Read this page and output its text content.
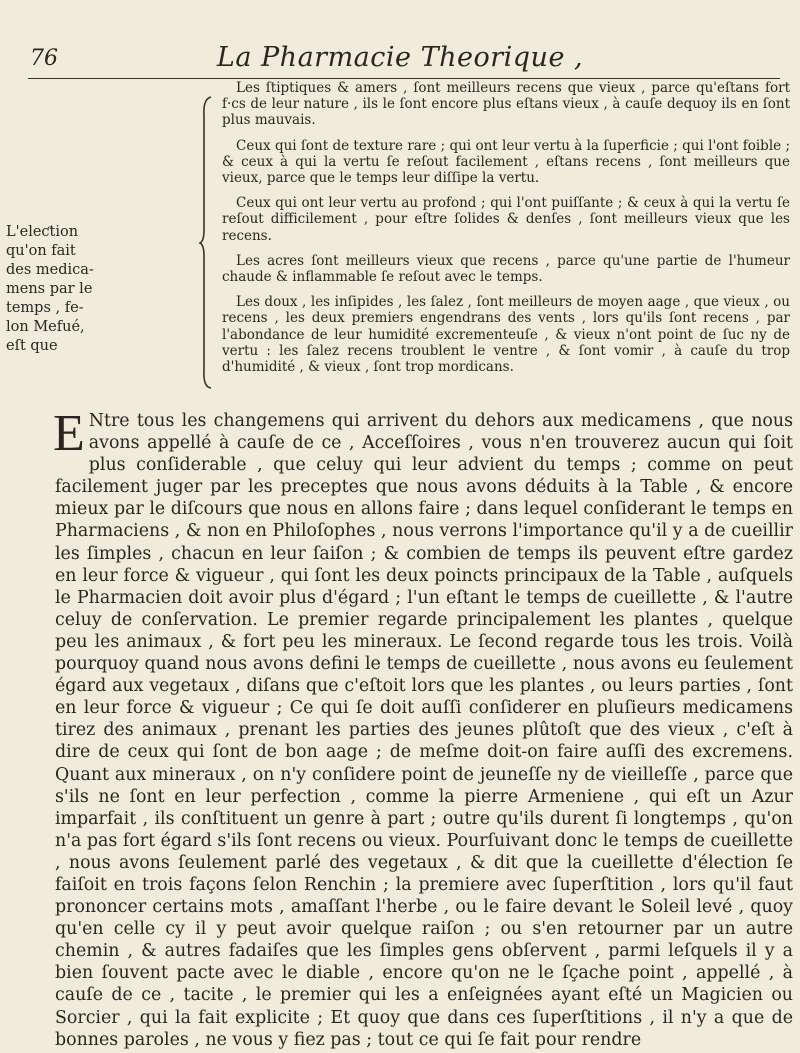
76	La Pharmacie Theorique ,
L'eleƈtion
qu'on fait
des medica-
mens par le
temps , fe-
lon Mefué,
eſt que

Les ſtiptiques & amers , ſont meilleurs recens que vieux , parce qu'eſtans fort f·cs de leur nature , ils le ſont encore plus eſtans vieux , à cauſe dequoy ils en ſont plus mauvais.

Ceux qui ſont de texture rare ; qui ont leur vertu à la ſuperficie ; qui l'ont foible ; & ceux à qui la vertu ſe reſout facilement , eſtans recens , ſont meilleurs que vieux, parce que le temps leur diſſipe la vertu.

Ceux qui ont leur vertu au profond ; qui l'ont puiſſante ; & ceux à qui la vertu ſe reſout difficilement , pour eſtre ſolides & denſes , ſont meilleurs vieux que les recens.

Les acres ſont meilleurs vieux que recens , parce qu'une partie de l'humeur chaude & inflammable ſe reſout avec le temps.

Les doux , les inſipides , les ſalez , ſont meilleurs de moyen aage , que vieux , ou recens , les deux premiers engendrans des vents , lors qu'ils ſont recens , par l'abondance de leur humidité excrementeuſe , & vieux n'ont point de ſuc ny de vertu : les ſalez recens troublent le ventre , & ſont vomir , à cauſe du trop d'humidité , & vieux , ſont trop mordicans.

E Ntre tous les changemens qui arrivent du dehors aux medicamens , que nous avons appellé à cauſe de ce , Acceſſoires , vous n'en trouverez aucun qui ſoit plus conſiderable , que celuy qui leur advient du temps ; comme on peut facilement juger par les preceptes que nous avons déduits à la Table , & encore mieux par le diſcours que nous en allons faire ; dans lequel conſiderant le temps en Pharmaciens , & non en Philoſophes , nous verrons l'importance qu'il y a de cueillir les ſimples , chacun en leur ſaiſon ; & combien de temps ils peuvent eſtre gardez en leur force & vigueur , qui ſont les deux poincts principaux de la Table , auſquels le Pharmacien doit avoir plus d'égard ; l'un eſtant le temps de cueillette , & l'autre celuy de conſervation. Le premier regarde principalement les plantes , quelque peu les animaux , & fort peu les mineraux. Le ſecond regarde tous les trois. Voilà pourquoy quand nous avons defini le temps de cueillette , nous avons eu ſeulement égard aux vegetaux , diſans que c'eſtoit lors que les plantes , ou leurs parties , ſont en leur force & vigueur ; Ce qui ſe doit auſſi conſiderer en pluſieurs medicamens tirez des animaux , prenant les parties des jeunes plûtoſt que des vieux , c'eſt à dire de ceux qui ſont de bon aage ; de meſme doit-on faire auſſi des excremens. Quant aux mineraux , on n'y conſidere point de jeuneſſe ny de vieilleſſe , parce que s'ils ne ſont en leur perfection , comme la pierre Armeniene , qui eſt un Azur imparfait , ils conſtituent un genre à part ; outre qu'ils durent ſi longtemps , qu'on n'a pas fort égard s'ils ſont recens ou vieux. Pourſuivant donc le temps de cueillette , nous avons ſeulement parlé des vegetaux , & dit que la cueillette d'élection ſe faiſoit en trois façons ſelon Renchin ; la premiere avec ſuperſtition , lors qu'il faut prononcer certains mots , amaſſant l'herbe , ou le faire devant le Soleil levé , quoy qu'en celle cy il y peut avoir quelque raiſon ; ou s'en retourner par un autre chemin , & autres fadaiſes que les ſimples gens obſervent , parmi leſquels il y a bien ſouvent pacte avec le diable , encore qu'on ne le ſçache point , appellé , à cauſe de ce , tacite , le premier qui les a enſeignées ayant eſté un Magicien ou Sorcier , qui la fait explicite ; Et quoy que dans ces ſuperſtitions , il n'y a que de bonnes paroles , ne vous y fiez pas ; tout ce qui ſe fait pour rendre
